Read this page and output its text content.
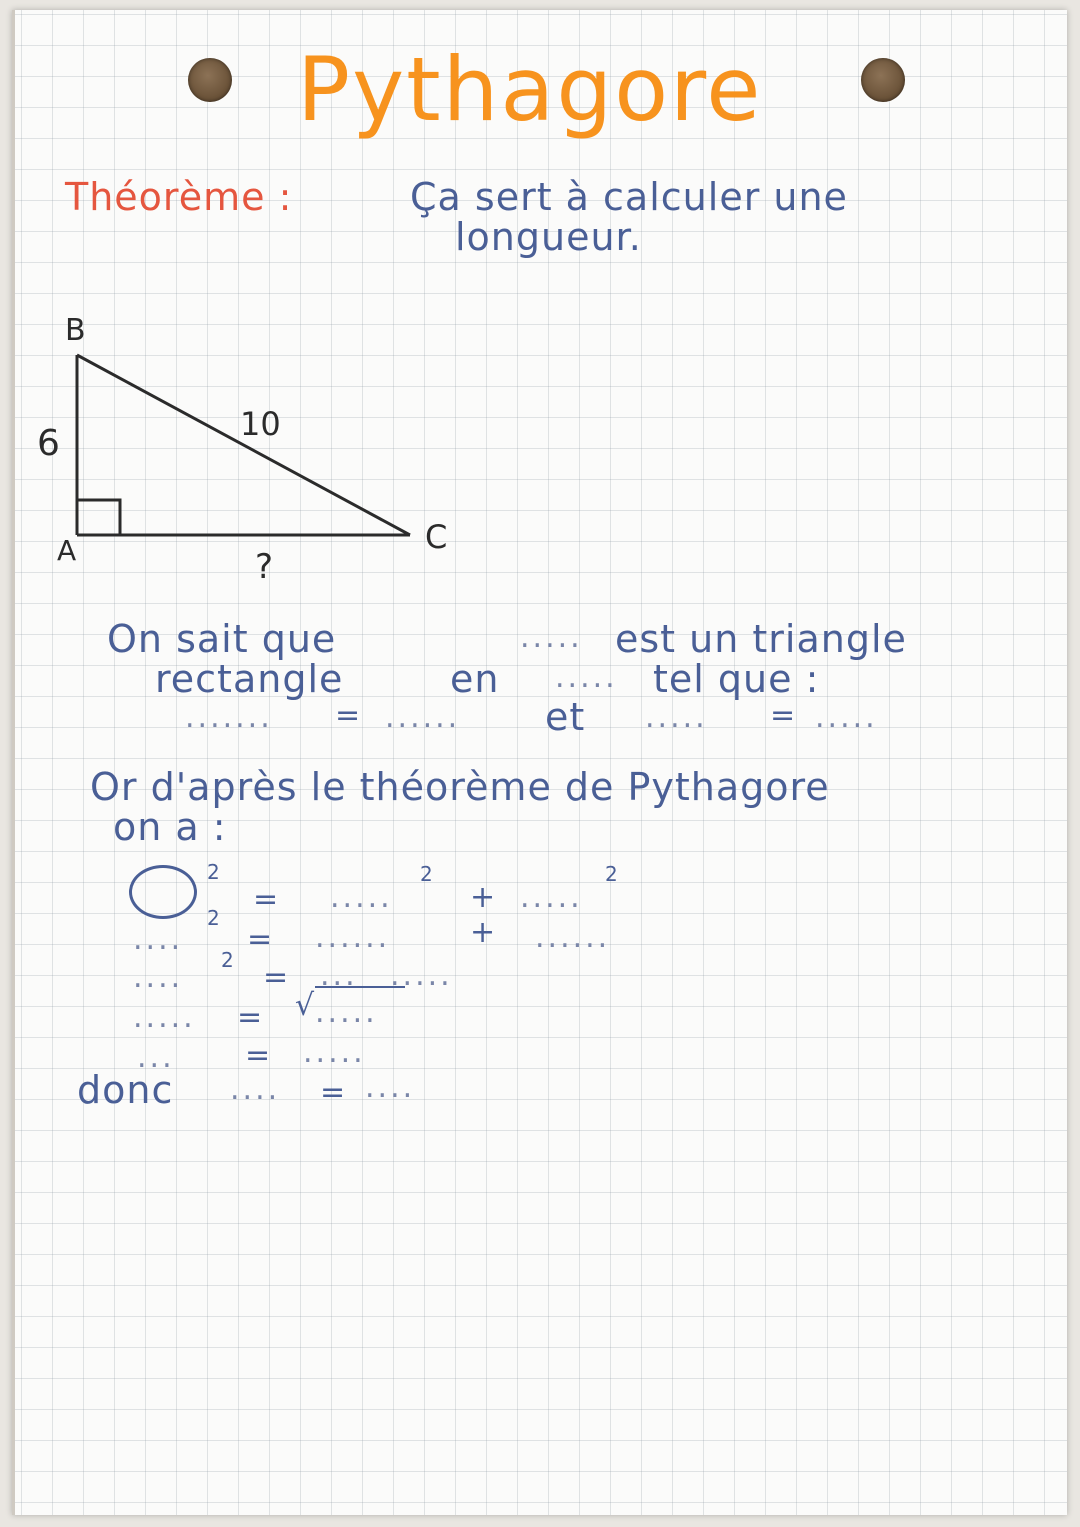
Pythagore
Théorème :	Ça sert à calculer une
longueur.
B
A	C
6	10
?
On sait que	..... est un triangle
rectangle	en ..... tel que :
....... = ...... et ..... = .....
Or d'après le théorème de Pythagore
on a :
2
= .....
2
+ .....
2
....
2
= ......	+ ......
.... 2 = ... .....
..... = √ .....
... = .....
donc .... = ....
